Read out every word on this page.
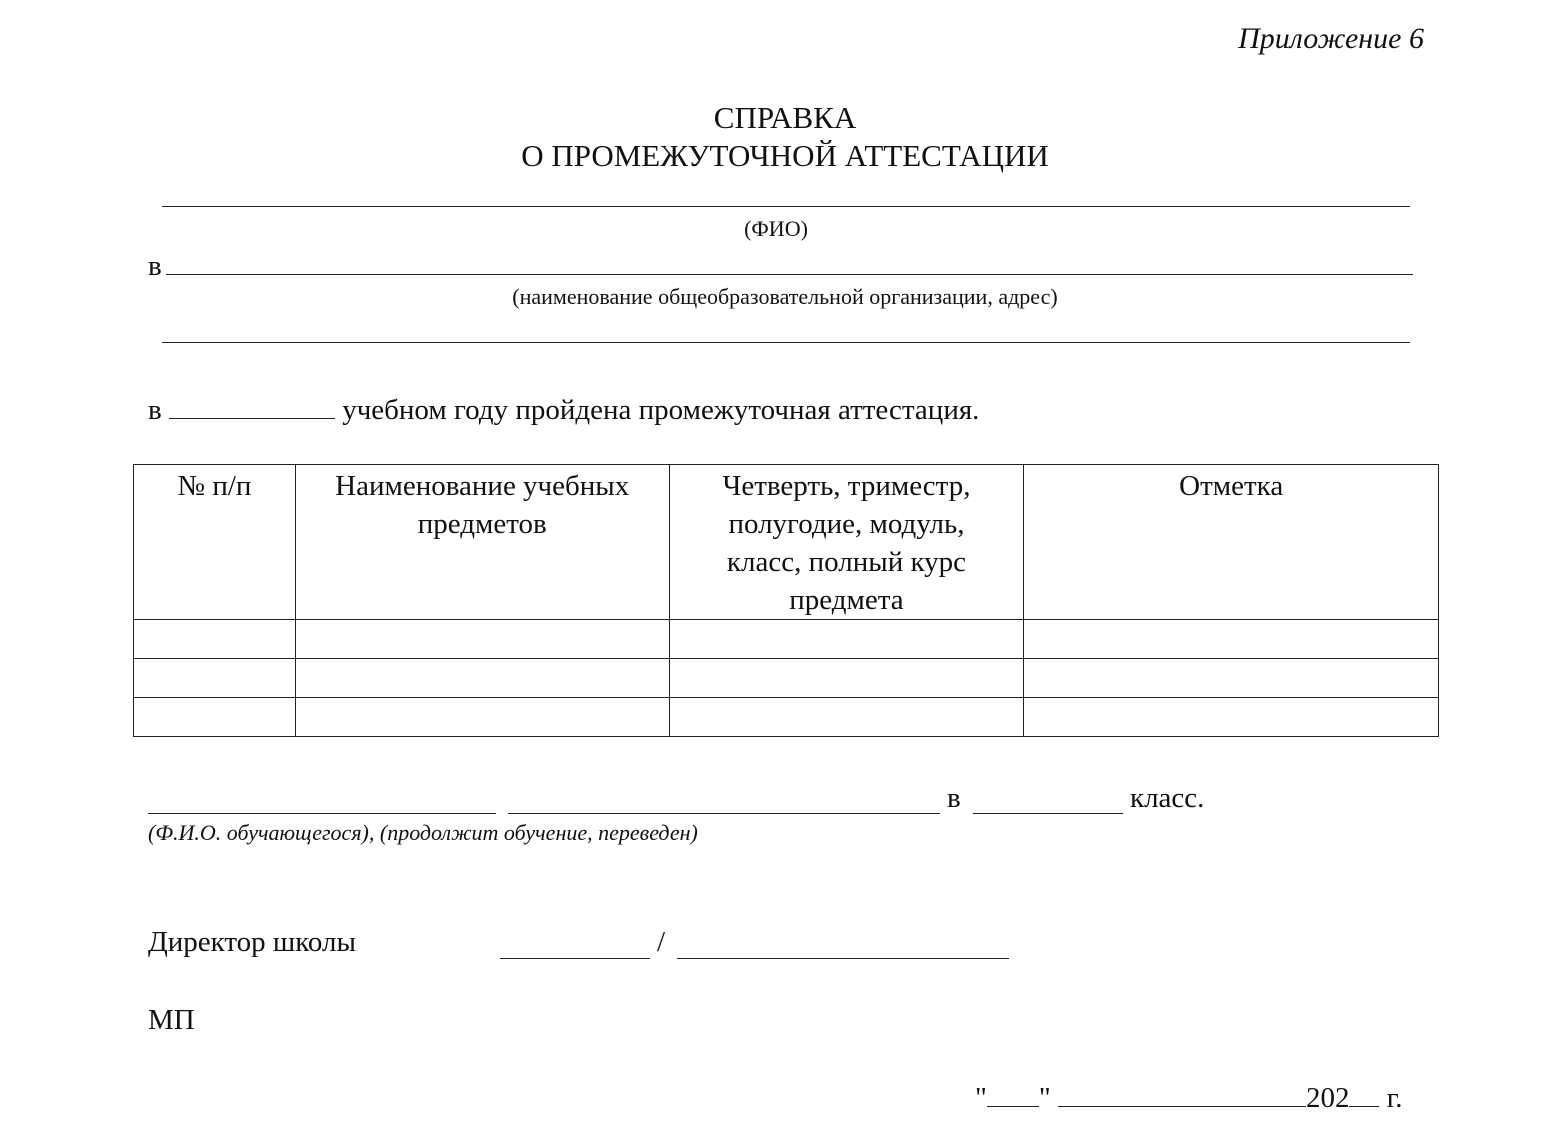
Приложение 6
СПРАВКА
О ПРОМЕЖУТОЧНОЙ АТТЕСТАЦИИ
(ФИО)
в
(наименование общеобразовательной организации, адрес)
в	учебном году пройдена промежуточная аттестация.
№ п/п	Наименование учебных предметов	Четверть, триместр, полугодие, модуль, класс, полный курс предмета	Отметка

в	класс.
(Ф.И.О. обучающегося), (продолжит обучение, переведен)
Директор школы	/
МП
" "	202 г.
